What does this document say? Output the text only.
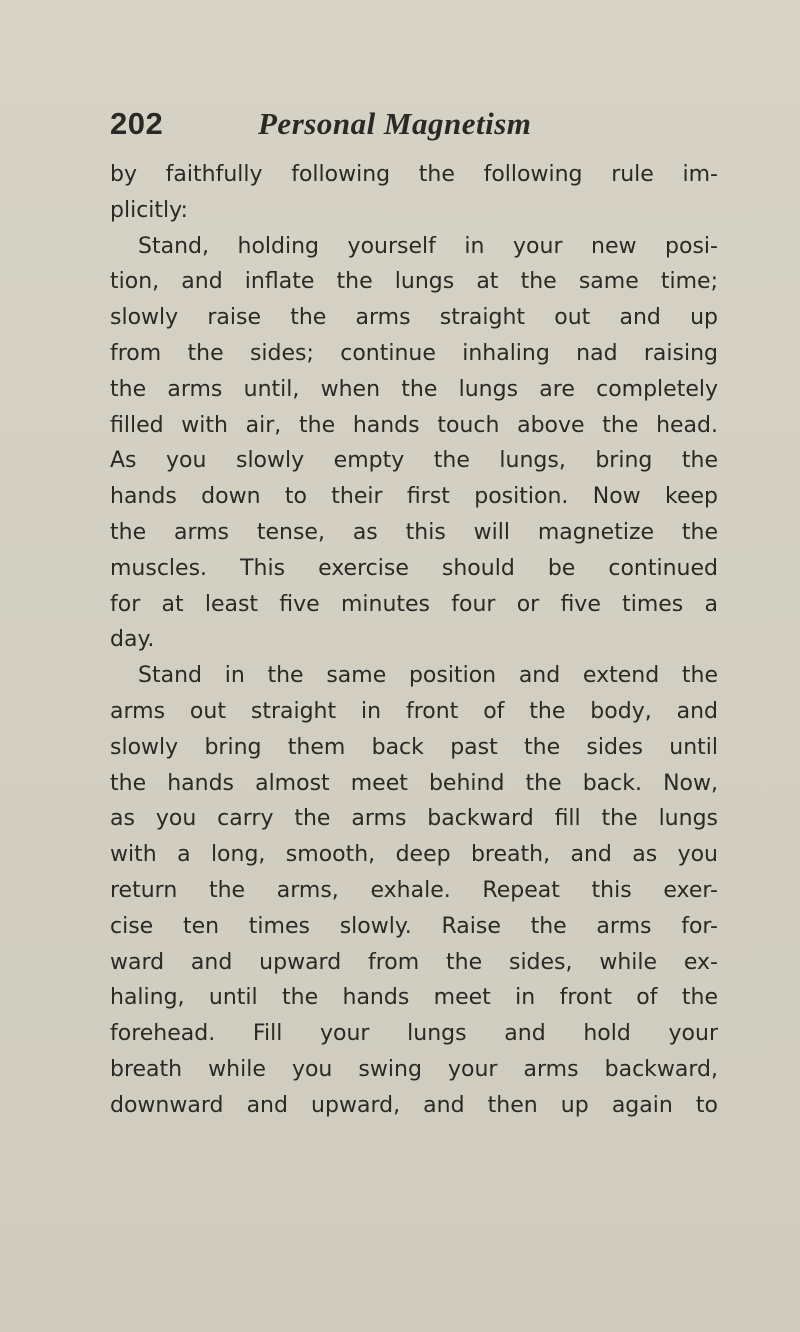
202	Personal Magnetism
by faithfully following the following rule im-
plicitly:
Stand, holding yourself in your new posi-
tion, and inflate the lungs at the same time;
slowly raise the arms straight out and up
from the sides; continue inhaling nad raising
the arms until, when the lungs are completely
filled with air, the hands touch above the head.
As you slowly empty the lungs, bring the
hands down to their first position. Now keep
the arms tense, as this will magnetize the
muscles. This exercise should be continued
for at least five minutes four or five times a
day.
Stand in the same position and extend the
arms out straight in front of the body, and
slowly bring them back past the sides until
the hands almost meet behind the back. Now,
as you carry the arms backward fill the lungs
with a long, smooth, deep breath, and as you
return the arms, exhale. Repeat this exer-
cise ten times slowly. Raise the arms for-
ward and upward from the sides, while ex-
haling, until the hands meet in front of the
forehead. Fill your lungs and hold your
breath while you swing your arms backward,
downward and upward, and then up again to
